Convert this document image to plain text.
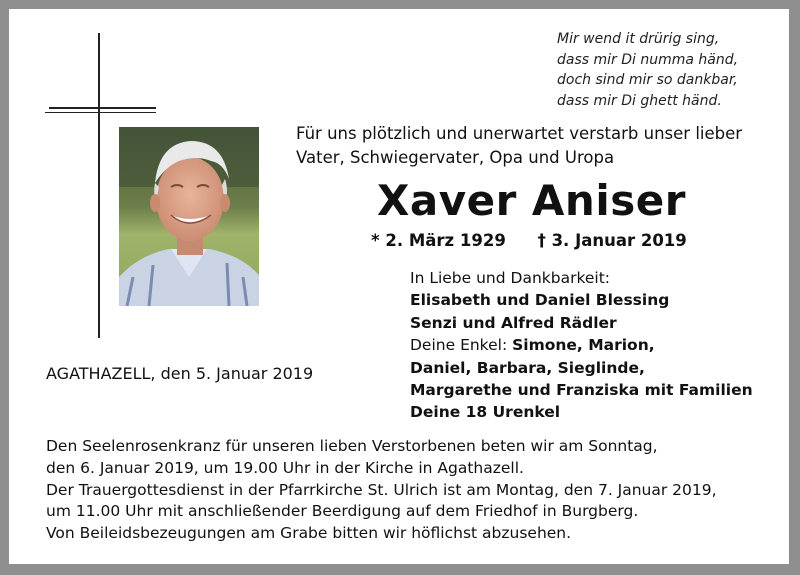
Mir wend it drürig sing,
dass mir Di numma händ,
doch sind mir so dankbar,
dass mir Di ghett händ.
Für uns plötzlich und unerwartet verstarb unser lieber
Vater, Schwiegervater, Opa und Uropa
Xaver Aniser
* 2. März 1929 † 3. Januar 2019
In Liebe und Dankbarkeit:
Elisabeth und Daniel Blessing
Senzi und Alfred Rädler
Deine Enkel: Simone, Marion,
Daniel, Barbara, Sieglinde,
Margarethe und Franziska mit Familien
Deine 18 Urenkel
AGATHAZELL, den 5. Januar 2019
Den Seelenrosenkranz für unseren lieben Verstorbenen beten wir am Sonntag,
den 6. Januar 2019, um 19.00 Uhr in der Kirche in Agathazell.
Der Trauergottesdienst in der Pfarrkirche St. Ulrich ist am Montag, den 7. Januar 2019,
um 11.00 Uhr mit anschließender Beerdigung auf dem Friedhof in Burgberg.
Von Beileidsbezeugungen am Grabe bitten wir höflichst abzusehen.
